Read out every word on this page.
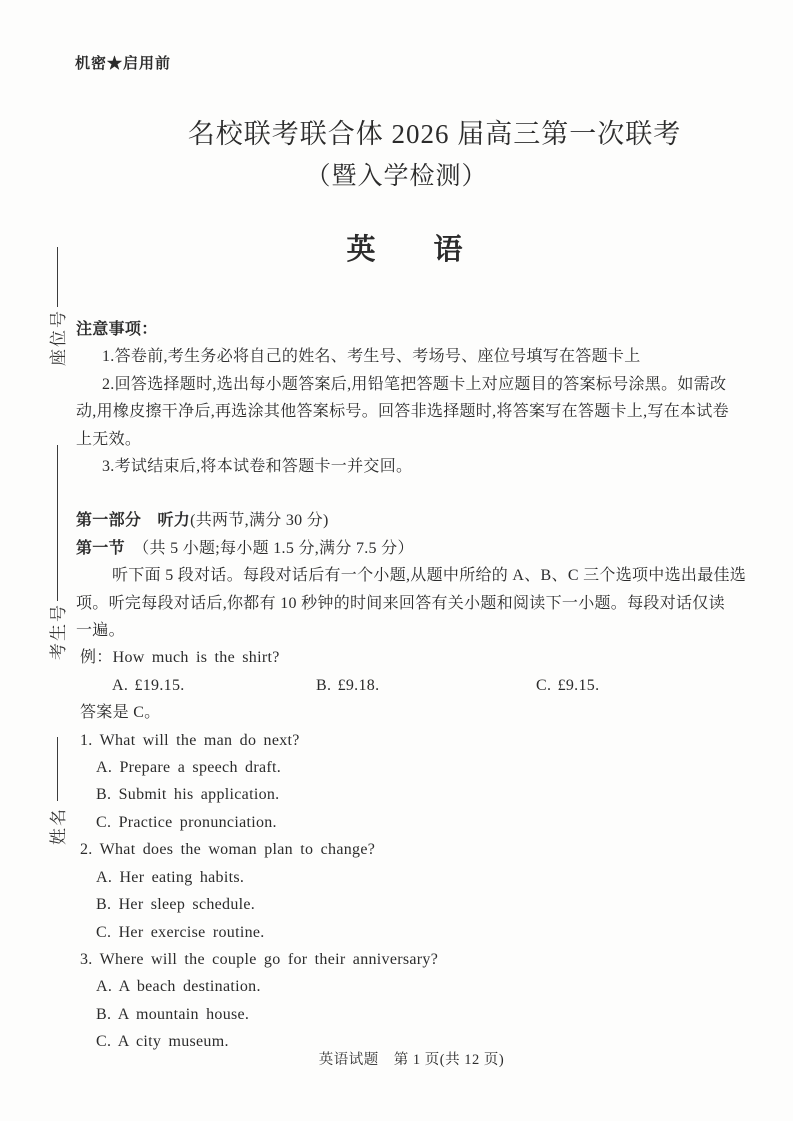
机密★启用前
名校联考联合体 2026 届高三第一次联考
（暨入学检测）
英　　语
座位号
考生号
姓名
注意事项：
1.答卷前,考生务必将自己的姓名、考生号、考场号、座位号填写在答题卡上
2.回答选择题时,选出每小题答案后,用铅笔把答题卡上对应题目的答案标号涂黑。如需改
动,用橡皮擦干净后,再选涂其他答案标号。回答非选择题时,将答案写在答题卡上,写在本试卷
上无效。
3.考试结束后,将本试卷和答题卡一并交回。
第一部分　听力(共两节,满分 30 分)
第一节　（共 5 小题;每小题 1.5 分,满分 7.5 分）
听下面 5 段对话。每段对话后有一个小题,从题中所给的 A、B、C 三个选项中选出最佳选
项。听完每段对话后,你都有 10 秒钟的时间来回答有关小题和阅读下一小题。每段对话仅读
一遍。
例：How much is the shirt?
A. £19.15.	B. £9.18.	C. £9.15.
答案是 C。
1. What will the man do next?
A. Prepare a speech draft.
B. Submit his application.
C. Practice pronunciation.
2. What does the woman plan to change?
A. Her eating habits.
B. Her sleep schedule.
C. Her exercise routine.
3. Where will the couple go for their anniversary?
A. A beach destination.
B. A mountain house.
C. A city museum.
英语试题　第 1 页(共 12 页)
